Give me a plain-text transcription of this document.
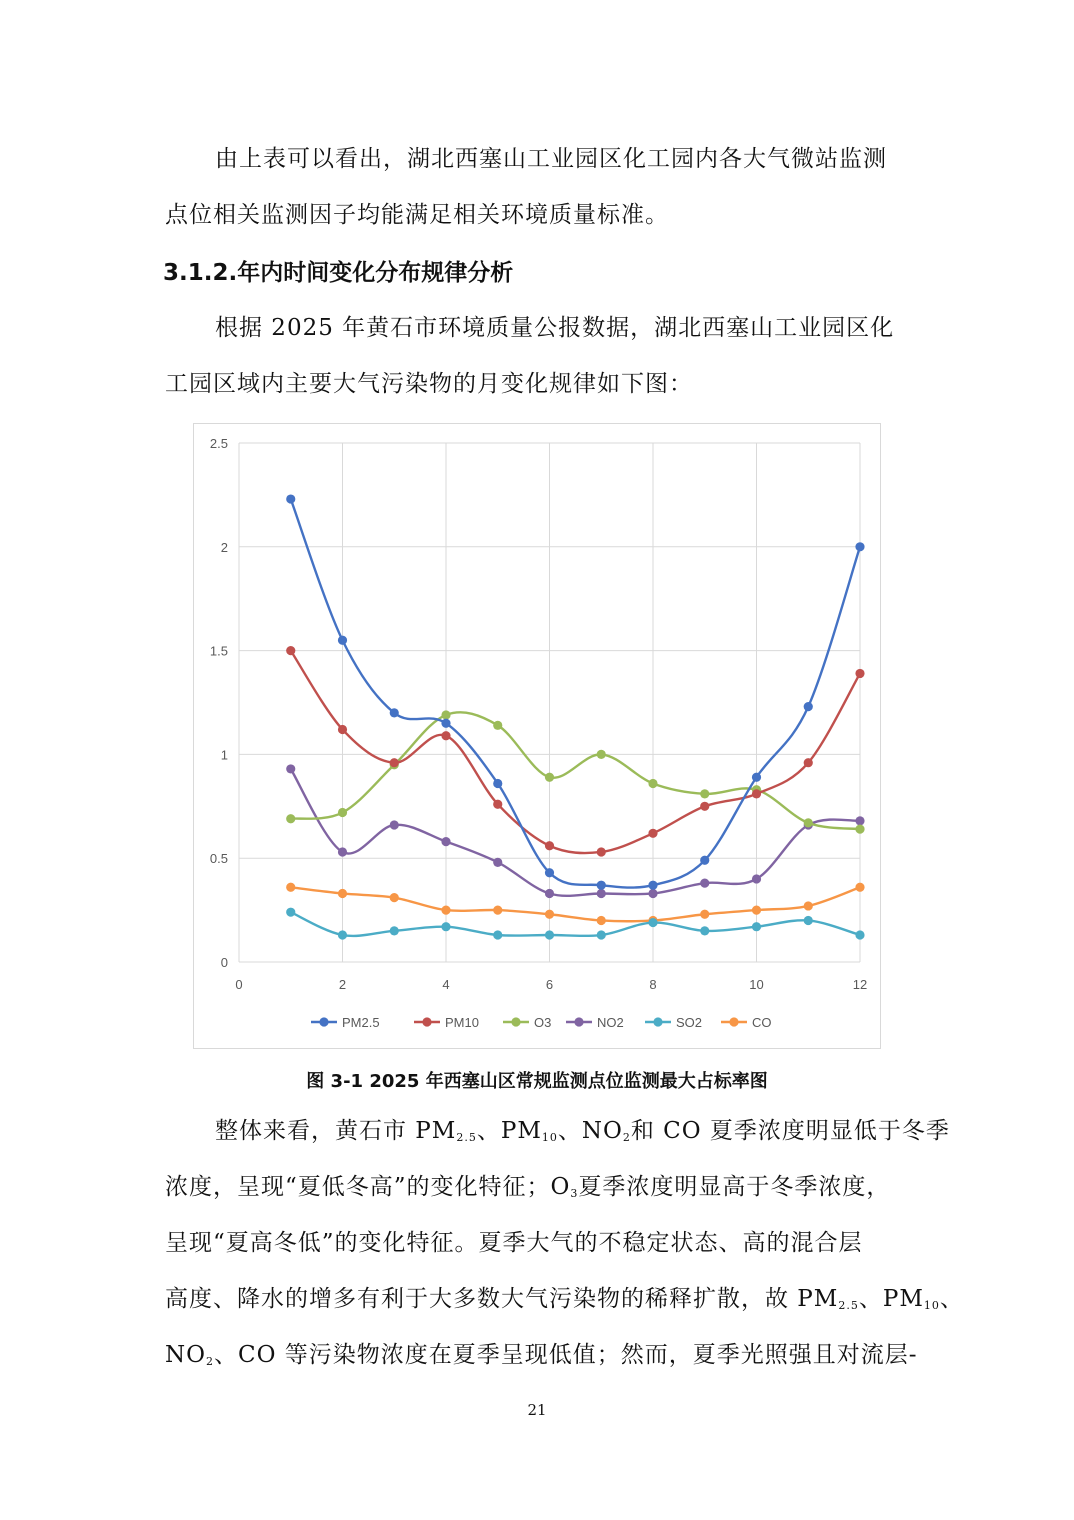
由上表可以看出，湖北西塞山工业园区化工园内各大气微站监测
点位相关监测因子均能满足相关环境质量标准。

3.1.2.年内时间变化分布规律分析

根据 2025 年黄石市环境质量公报数据，湖北西塞山工业园区化
工园区域内主要大气污染物的月变化规律如下图：

0
0.5
1
1.5
2
2.5
0	2	4	6	8	10	12
PM2.5	PM10	O3	NO2	SO2	CO

图 3-1 2025 年西塞山区常规监测点位监测最大占标率图

整体来看，黄石市 $PM_{2.5}$、$PM_{10}$、$NO_2$和 CO 夏季浓度明显低于冬季
浓度，呈现“夏低冬高”的变化特征；$O_3$夏季浓度明显高于冬季浓度，
呈现“夏高冬低”的变化特征。夏季大气的不稳定状态、高的混合层
高度、降水的增多有利于大多数大气污染物的稀释扩散，故 $PM_{2.5}$、$PM_{10}$、
$NO_2$、CO 等污染物浓度在夏季呈现低值；然而，夏季光照强且对流层-

21
